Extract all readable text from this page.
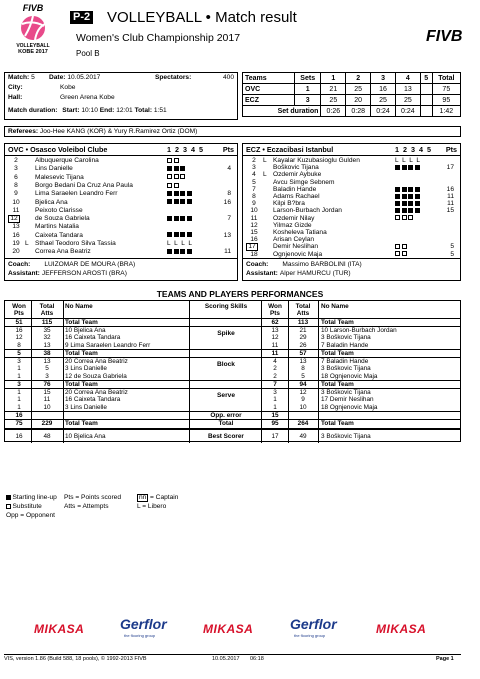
FIVB
VOLLEYBALL
KOBE 2017
P-2 VOLLEYBALL • Match result
Women's Club Championship 2017
Pool B
FIVB
Match: 5	Date: 10.05.2017	Spectators:	400
City:	Kobe
Hall:	Green Arena Kobe
Match duration: Start: 10:10 End: 12:01 Total: 1:51
Teams	Sets	1	2	3	4	5	Total
OVC	1	21	25	16	13		75
ECZ	3	25	20	25	25		95
Set duration		0:26	0:28	0:24	0:24		1:42
Referees: Joo-Hee KANG (KOR) & Yury R.Ramirez Ortiz (DOM)
OVC • Osasco Voleibol Clube	1 2 3 4 5	Pts
2	Albuquerque Carolina
3	Lins Danielle	4
6	Malesevic Tijana
8	Borgo Bedani Da Cruz Ana Paula
9	Lima Saraelen Leandro Ferr	8
10	Bjelica Ana	16
11	Peixoto Clarisse
12	de Souza Gabriela	7
13	Martins Natalia
16	Caixeta Tandara	13
19 L Sthael Teodoro Silva Tassia	LLLL
20	Correa Ana Beatriz	11
Coach: LUIZOMAR DE MOURA (BRA)
Assistant: JEFFERSON AROSTI (BRA)
ECZ • Eczacibasi Istanbul	1 2 3 4 5 Pts
2	L Kayalar Kuzubasioglu Gulden	LLLL
3	Boškovic Tijana	17
4	L Ozdemir Aybuke
5	Avcu Simge Sebnem
7	Baladin Hande	16
8	Adams Rachael	11
9	Kilpi B?bra	11
10	Larson-Burbach Jordan	15
11	Ozdemir Nilay
12	Yilmaz Gizde
15	Kosheleva Tatiana
16	Arisan Ceylan
17	Demir Neslihan	5
18	Ognjenovic Maja	5
Coach: Massimo BARBOLINI (ITA)
Assistant: Alper HAMURCU (TUR)
TEAMS AND PLAYERS PERFORMANCES
Won Pts
Total Atts
No Name	Scoring Skills	Won Pts
Total Atts
No Name
51	115	Total Team	62	113	Total Team
16	35	10 Bjelica Ana	13	21	10 Larson-Burbach Jordan
12	32	16 Caixeta Tandara	12	29	3 Boškovic Tijana
8	13	9 Lima Saraelen Leandro Ferr	11	26	7 Baladin Hande
Spike
5	38	Total Team	11	57	Total Team
3	13	20 Correa Ana Beatriz	4	13	7 Baladin Hande
1	5	3 Lins Danielle	2	8	3 Boškovic Tijana
1	3	12 de Souza Gabriela	2	5	18 Ognjenovic Maja
Block
3	76	Total Team	7	94	Total Team
1	15	20 Correa Ana Beatriz	3	12	3 Boškovic Tijana
1	11	16 Caixeta Tandara	1	9	17 Demir Neslihan
1	10	3 Lins Danielle	1	10	18 Ognjenovic Maja
Serve
16	Opp. error	15
75	229	Total Team	Total	95	264	Total Team
16	48	10 Bjelica Ana	Best Scorer	17	49	3 Boškovic Tijana
Starting line-up	Pts = Points scored	nn = Captain
Substitute	Atts = Attempts	L = Libero
Opp = Opponent
MIKASA	Gerflor
the flooring group	MIKASA	Gerflor
the flooring group	MIKASA
VIS, version 1.86 (Build 588, 18 pools), © 1992-2013 FIVB	10.05.2017 06:18	Page 1
